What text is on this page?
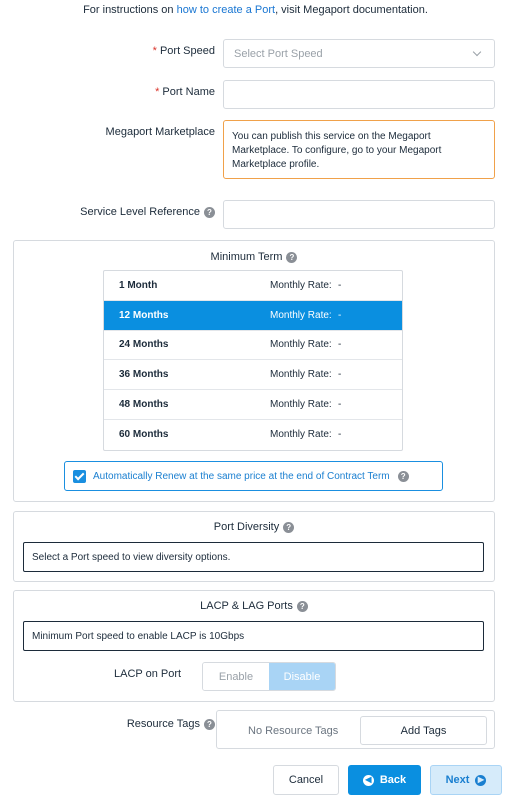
For instructions on how to create a Port, visit Megaport documentation.
* Port Speed Select Port Speed
* Port Name
Megaport Marketplace	You can publish this service on the Megaport Marketplace. To configure, go to your Megaport Marketplace profile.
Service Level Reference ?
Minimum Term ?
1 Month	Monthly Rate: -
12 Months	Monthly Rate: -
24 Months	Monthly Rate: -
36 Months	Monthly Rate: -
48 Months	Monthly Rate: -
60 Months	Monthly Rate: -
Automatically Renew at the same price at the end of Contract Term	?
Port Diversity ?
Select a Port speed to view diversity options.
LACP & LAG Ports ?
Minimum Port speed to enable LACP is 10Gbps
LACP on Port	Enable	Disable
Resource Tags ?
No Resource Tags	Add Tags
Cancel	◀ Back	Next	▶
